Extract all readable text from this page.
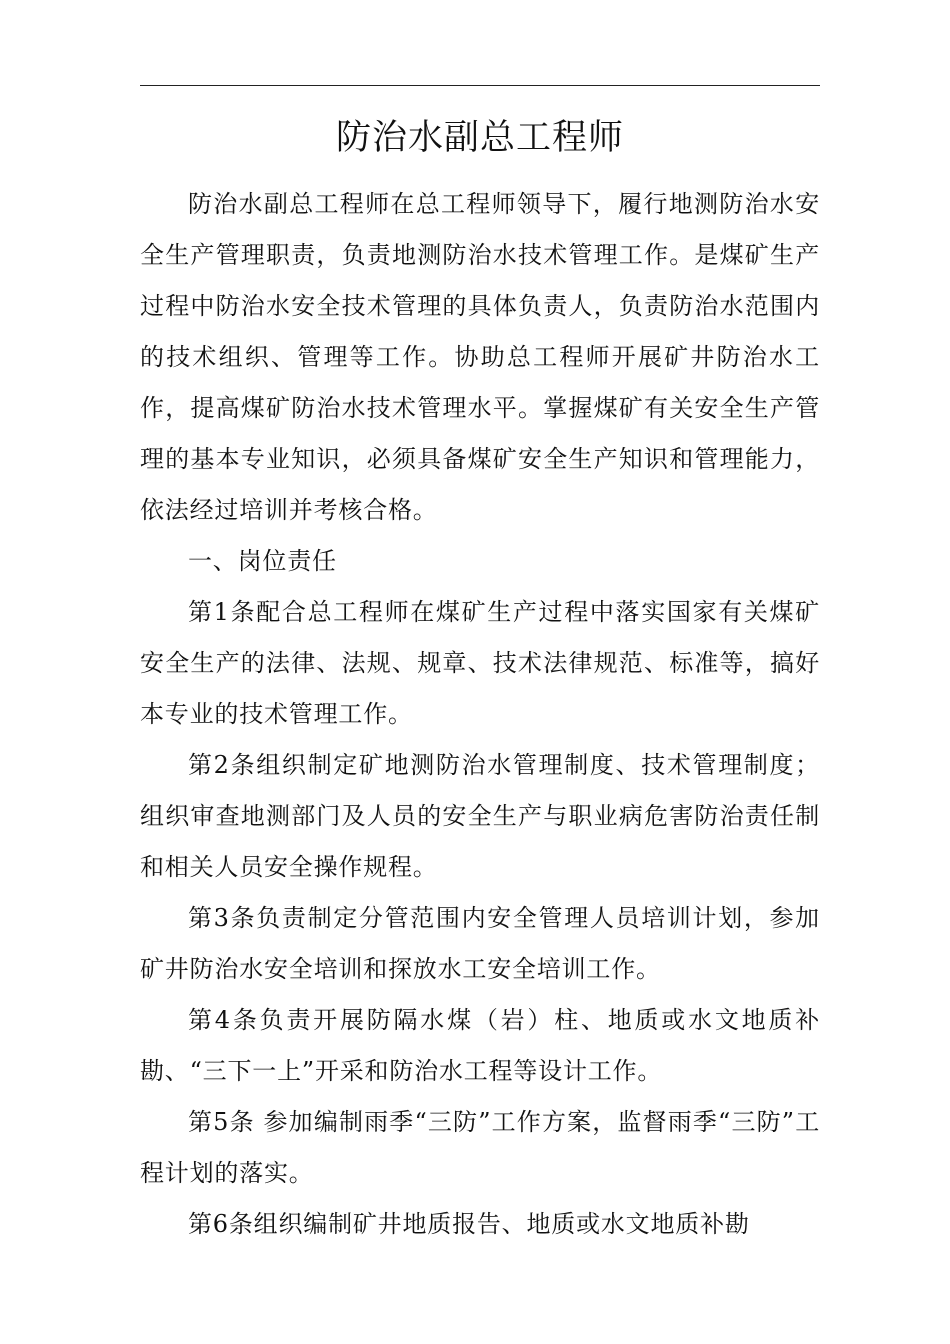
防治水副总工程师

防治水副总工程师在总工程师领导下，履行地测防治水安全生产管理职责，负责地测防治水技术管理工作。是煤矿生产过程中防治水安全技术管理的具体负责人，负责防治水范围内的技术组织、管理等工作。协助总工程师开展矿井防治水工作，提高煤矿防治水技术管理水平。掌握煤矿有关安全生产管理的基本专业知识，必须具备煤矿安全生产知识和管理能力，依法经过培训并考核合格。

一、岗位责任

第1条配合总工程师在煤矿生产过程中落实国家有关煤矿安全生产的法律、法规、规章、技术法律规范、标准等，搞好本专业的技术管理工作。

第2条组织制定矿地测防治水管理制度、技术管理制度；组织审查地测部门及人员的安全生产与职业病危害防治责任制和相关人员安全操作规程。

第3条负责制定分管范围内安全管理人员培训计划，参加矿井防治水安全培训和探放水工安全培训工作。

第4条负责开展防隔水煤（岩）柱、地质或水文地质补勘、“三下一上”开采和防治水工程等设计工作。

第5条 参加编制雨季“三防”工作方案，监督雨季“三防”工程计划的落实。

第6条组织编制矿井地质报告、地质或水文地质补勘
